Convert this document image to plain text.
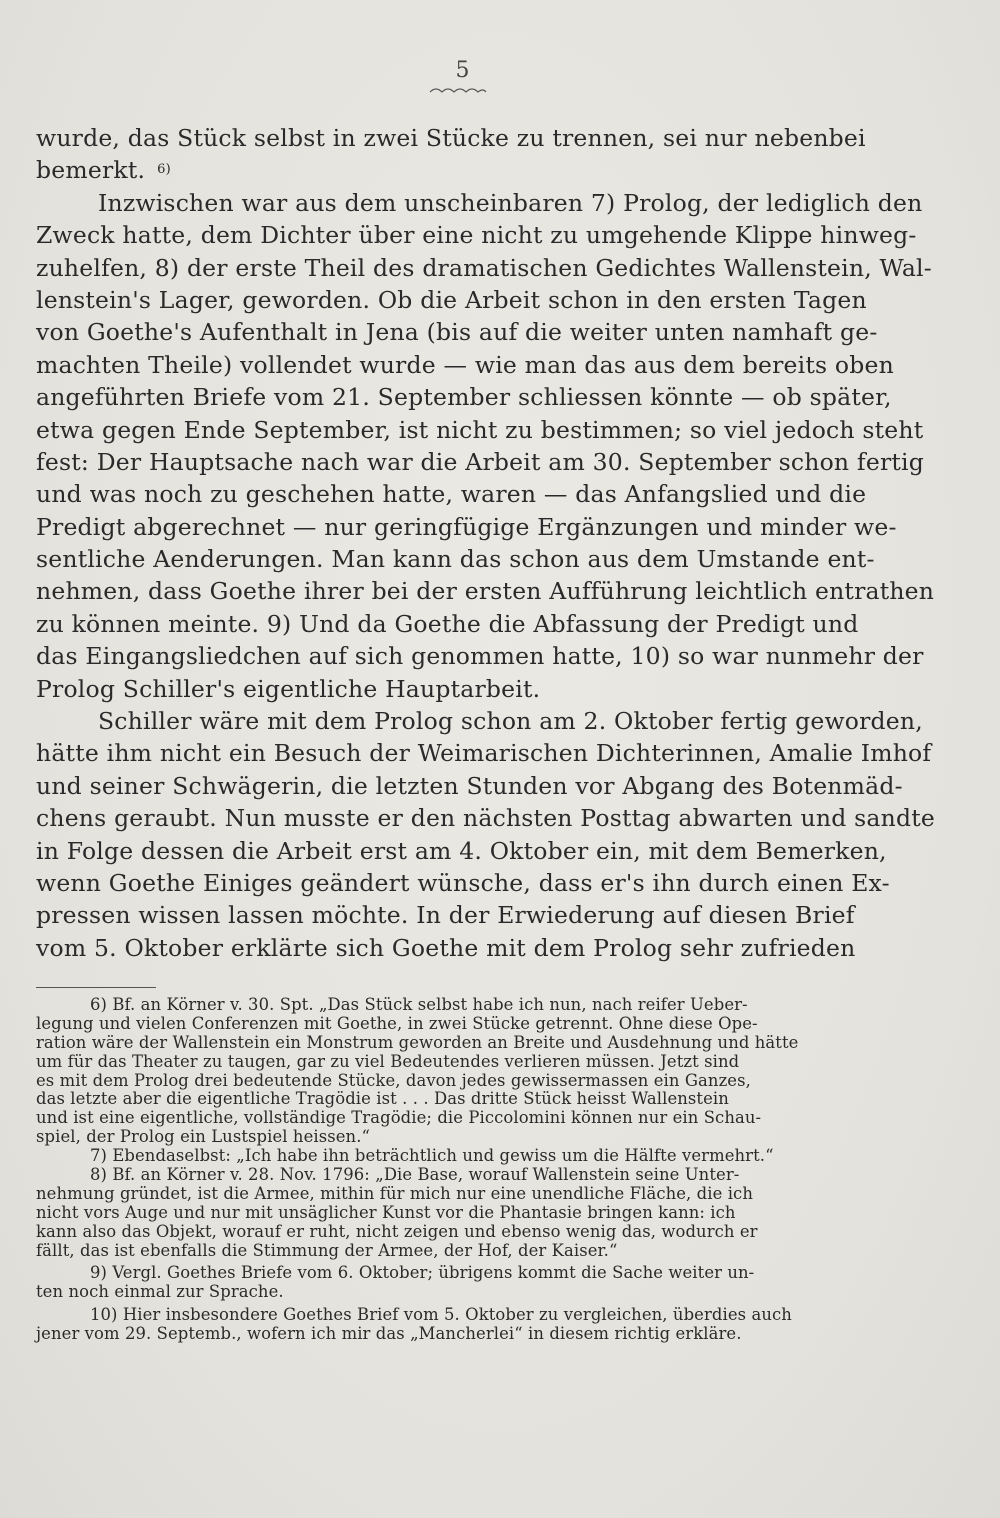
5
wurde, das Stück selbst in zwei Stücke zu trennen, sei nur nebenbei
bemerkt. 6)
Inzwischen war aus dem unscheinbaren 7) Prolog, der lediglich den
Zweck hatte, dem Dichter über eine nicht zu umgehende Klippe hinweg-
zuhelfen, 8) der erste Theil des dramatischen Gedichtes Wallenstein, Wal-
lenstein's Lager, geworden. Ob die Arbeit schon in den ersten Tagen
von Goethe's Aufenthalt in Jena (bis auf die weiter unten namhaft ge-
machten Theile) vollendet wurde — wie man das aus dem bereits oben
angeführten Briefe vom 21. September schliessen könnte — ob später,
etwa gegen Ende September, ist nicht zu bestimmen; so viel jedoch steht
fest: Der Hauptsache nach war die Arbeit am 30. September schon fertig
und was noch zu geschehen hatte, waren — das Anfangslied und die
Predigt abgerechnet — nur geringfügige Ergänzungen und minder we-
sentliche Aenderungen. Man kann das schon aus dem Umstande ent-
nehmen, dass Goethe ihrer bei der ersten Aufführung leichtlich entrathen
zu können meinte. 9) Und da Goethe die Abfassung der Predigt und
das Eingangsliedchen auf sich genommen hatte, 10) so war nunmehr der
Prolog Schiller's eigentliche Hauptarbeit.
Schiller wäre mit dem Prolog schon am 2. Oktober fertig geworden,
hätte ihm nicht ein Besuch der Weimarischen Dichterinnen, Amalie Imhof
und seiner Schwägerin, die letzten Stunden vor Abgang des Botenmäd-
chens geraubt. Nun musste er den nächsten Posttag abwarten und sandte
in Folge dessen die Arbeit erst am 4. Oktober ein, mit dem Bemerken,
wenn Goethe Einiges geändert wünsche, dass er's ihn durch einen Ex-
pressen wissen lassen möchte. In der Erwiederung auf diesen Brief
vom 5. Oktober erklärte sich Goethe mit dem Prolog sehr zufrieden
6) Bf. an Körner v. 30. Spt. „Das Stück selbst habe ich nun, nach reifer Ueber-
legung und vielen Conferenzen mit Goethe, in zwei Stücke getrennt. Ohne diese Ope-
ration wäre der Wallenstein ein Monstrum geworden an Breite und Ausdehnung und hätte
um für das Theater zu taugen, gar zu viel Bedeutendes verlieren müssen. Jetzt sind
es mit dem Prolog drei bedeutende Stücke, davon jedes gewissermassen ein Ganzes,
das letzte aber die eigentliche Tragödie ist . . . Das dritte Stück heisst Wallenstein
und ist eine eigentliche, vollständige Tragödie; die Piccolomini können nur ein Schau-
spiel, der Prolog ein Lustspiel heissen.“
7) Ebendaselbst: „Ich habe ihn beträchtlich und gewiss um die Hälfte vermehrt.“
8) Bf. an Körner v. 28. Nov. 1796: „Die Base, worauf Wallenstein seine Unter-
nehmung gründet, ist die Armee, mithin für mich nur eine unendliche Fläche, die ich
nicht vors Auge und nur mit unsäglicher Kunst vor die Phantasie bringen kann: ich
kann also das Objekt, worauf er ruht, nicht zeigen und ebenso wenig das, wodurch er
fällt, das ist ebenfalls die Stimmung der Armee, der Hof, der Kaiser.“
9) Vergl. Goethes Briefe vom 6. Oktober; übrigens kommt die Sache weiter un-
ten noch einmal zur Sprache.
10) Hier insbesondere Goethes Brief vom 5. Oktober zu vergleichen, überdies auch
jener vom 29. Septemb., wofern ich mir das „Mancherlei“ in diesem richtig erkläre.
